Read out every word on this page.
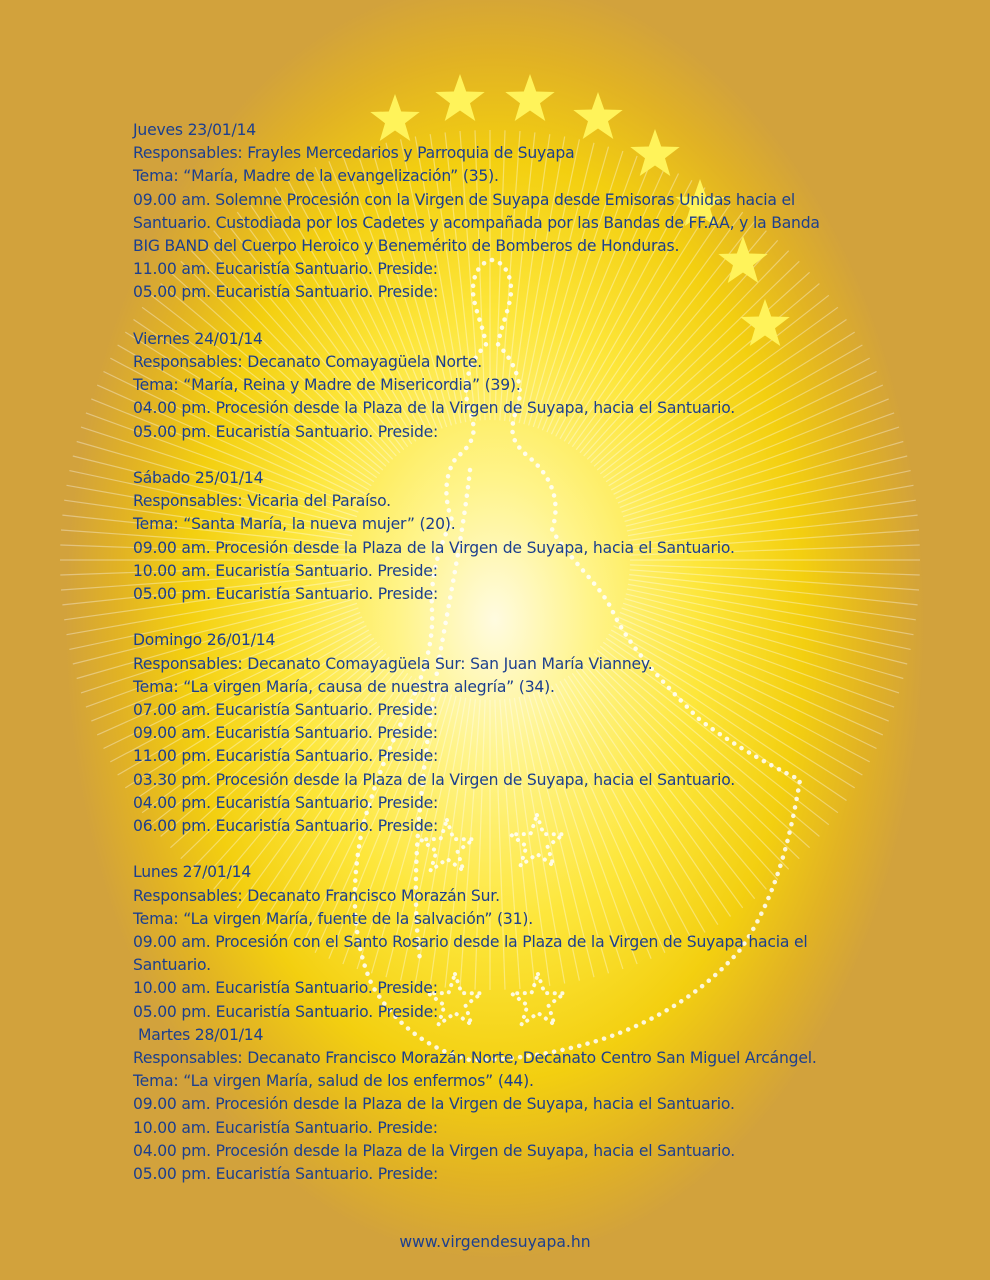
Jueves 23/01/14
Responsables: Frayles Mercedarios y Parroquia de Suyapa
Tema: “María, Madre de la evangelización” (35).
09.00 am. Solemne Procesión con la Virgen de Suyapa desde Emisoras Unidas hacia el
Santuario. Custodiada por los Cadetes y acompañada por las Bandas de FF.AA, y la Banda
BIG BAND del Cuerpo Heroico y Benemérito de Bomberos de Honduras.
11.00 am. Eucaristía Santuario. Preside:
05.00 pm. Eucaristía Santuario. Preside:
Viernes 24/01/14
Responsables: Decanato Comayagüela Norte.
Tema: “María, Reina y Madre de Misericordia” (39).
04.00 pm. Procesión desde la Plaza de la Virgen de Suyapa, hacia el Santuario.
05.00 pm. Eucaristía Santuario. Preside:
Sábado 25/01/14
Responsables: Vicaria del Paraíso.
Tema: “Santa María, la nueva mujer” (20).
09.00 am. Procesión desde la Plaza de la Virgen de Suyapa, hacia el Santuario.
10.00 am. Eucaristía Santuario. Preside:
05.00 pm. Eucaristía Santuario. Preside:
Domingo 26/01/14
Responsables: Decanato Comayagüela Sur: San Juan María Vianney.
Tema: “La virgen María, causa de nuestra alegría” (34).
07.00 am. Eucaristía Santuario. Preside:
09.00 am. Eucaristía Santuario. Preside:
11.00 pm. Eucaristía Santuario. Preside:
03.30 pm. Procesión desde la Plaza de la Virgen de Suyapa, hacia el Santuario.
04.00 pm. Eucaristía Santuario. Preside:
06.00 pm. Eucaristía Santuario. Preside:
Lunes 27/01/14
Responsables: Decanato Francisco Morazán Sur.
Tema: “La virgen María, fuente de la salvación” (31).
09.00 am. Procesión con el Santo Rosario desde la Plaza de la Virgen de Suyapa hacia el
Santuario.
10.00 am. Eucaristía Santuario. Preside:
05.00 pm. Eucaristía Santuario. Preside:
Martes 28/01/14
Responsables: Decanato Francisco Morazán Norte, Decanato Centro San Miguel Arcángel.
Tema: “La virgen María, salud de los enfermos” (44).
09.00 am. Procesión desde la Plaza de la Virgen de Suyapa, hacia el Santuario.
10.00 am. Eucaristía Santuario. Preside:
04.00 pm. Procesión desde la Plaza de la Virgen de Suyapa, hacia el Santuario.
05.00 pm. Eucaristía Santuario. Preside:
www.virgendesuyapa.hn
